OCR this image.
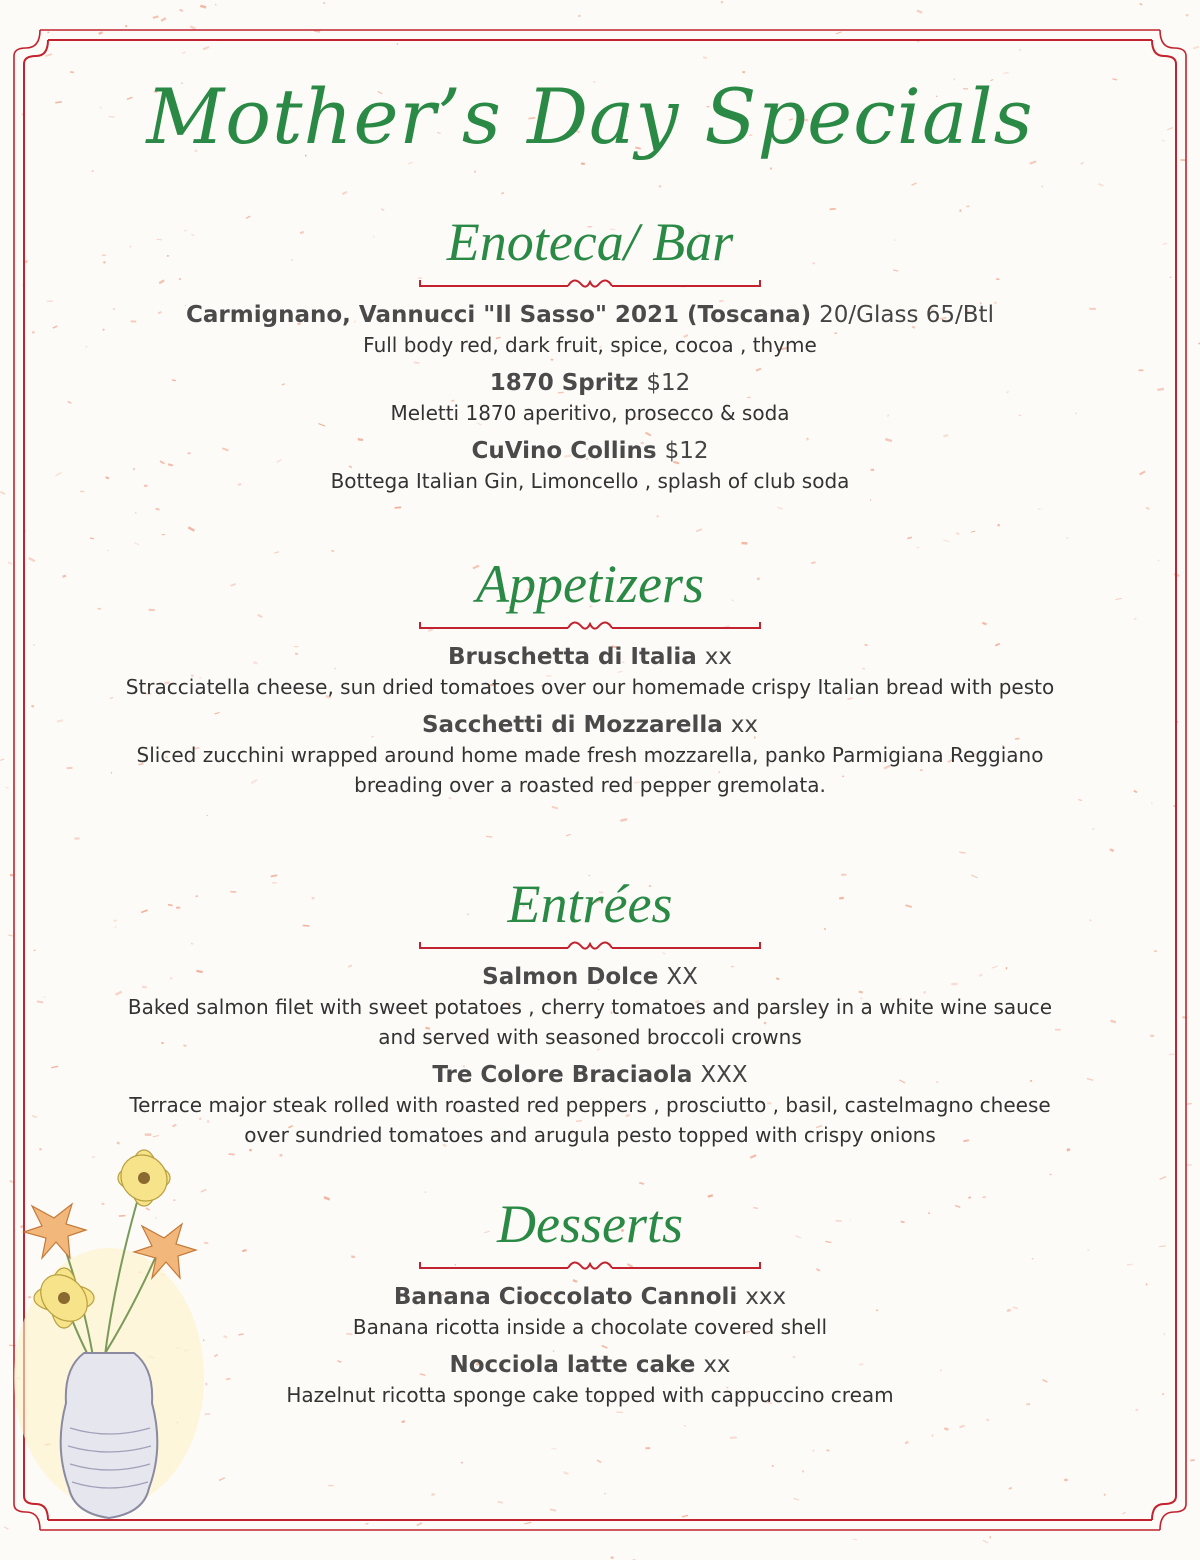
Mother’s Day Specials
Enoteca/ Bar
Carmignano, Vannucci "Il Sasso" 2021 (Toscana) 20/Glass 65/Btl
Full body red, dark fruit, spice, cocoa , thyme
1870 Spritz $12
Meletti 1870 aperitivo, prosecco & soda
CuVino Collins $12
Bottega Italian Gin, Limoncello , splash of club soda
Appetizers
Bruschetta di Italia xx
Stracciatella cheese, sun dried tomatoes over our homemade crispy Italian bread with pesto
Sacchetti di Mozzarella xx
Sliced zucchini wrapped around home made fresh mozzarella, panko Parmigiana Reggiano breading over a roasted red pepper gremolata.
Entrées
Salmon Dolce XX
Baked salmon filet with sweet potatoes , cherry tomatoes and parsley in a white wine sauce and served with seasoned broccoli crowns
Tre Colore Braciaola XXX
Terrace major steak rolled with roasted red peppers , prosciutto , basil, castelmagno cheese over sundried tomatoes and arugula pesto topped with crispy onions
Desserts
Banana Cioccolato Cannoli xxx
Banana ricotta inside a chocolate covered shell
Nocciola latte cake xx
Hazelnut ricotta sponge cake topped with cappuccino cream
